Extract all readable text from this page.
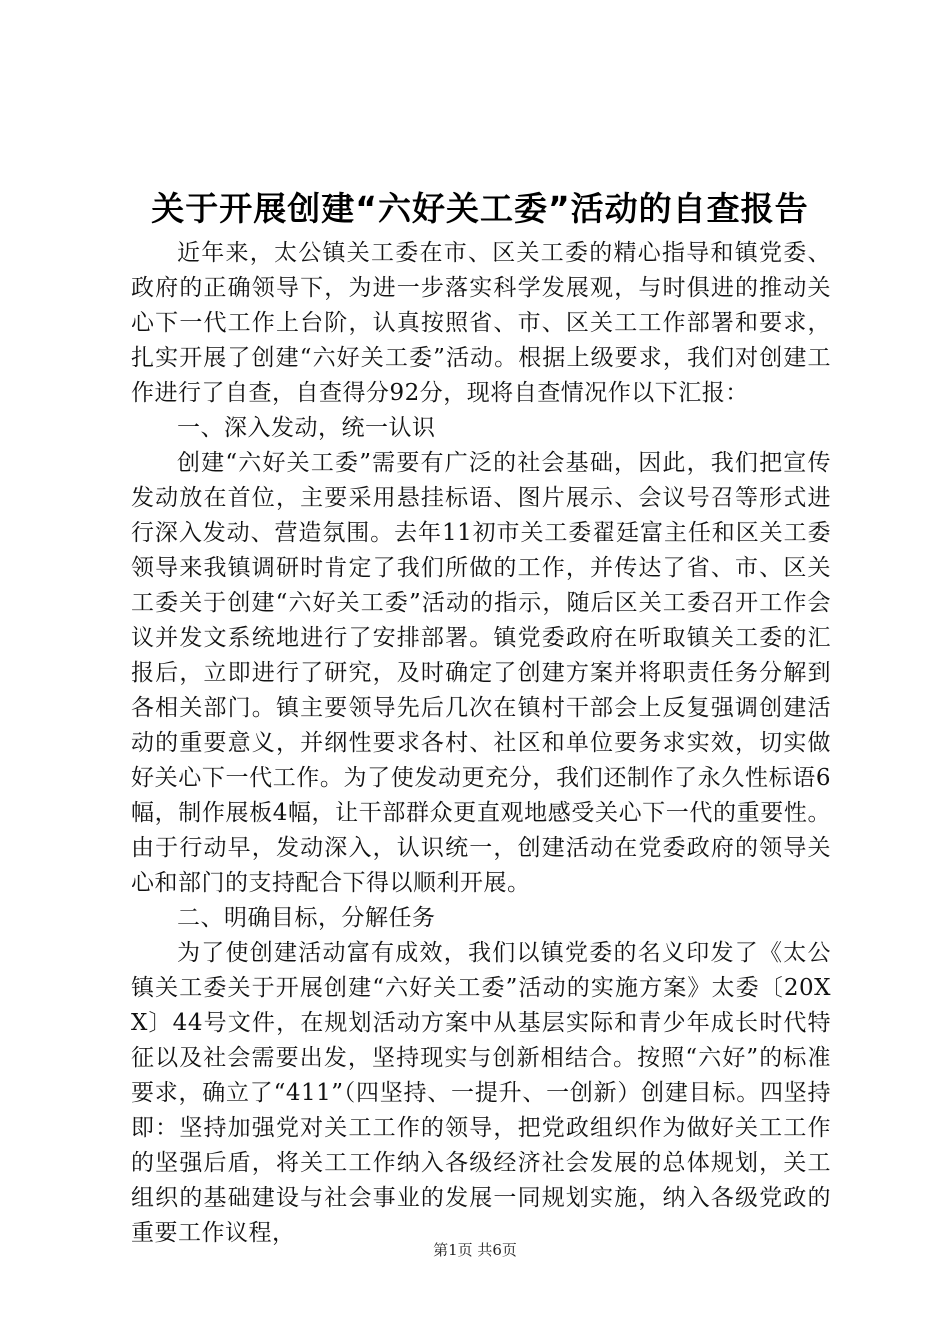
关于开展创建“六好关工委”活动的自查报告

近年来，太公镇关工委在市、区关工委的精心指导和镇党委、政府的正确领导下，为进一步落实科学发展观，与时俱进的推动关心下一代工作上台阶，认真按照省、市、区关工工作部署和要求，扎实开展了创建“六好关工委”活动。根据上级要求，我们对创建工作进行了自查，自查得分92分，现将自查情况作以下汇报：

一、深入发动，统一认识

创建“六好关工委”需要有广泛的社会基础，因此，我们把宣传发动放在首位，主要采用悬挂标语、图片展示、会议号召等形式进行深入发动、营造氛围。去年11初市关工委翟廷富主任和区关工委领导来我镇调研时肯定了我们所做的工作，并传达了省、市、区关工委关于创建“六好关工委”活动的指示，随后区关工委召开工作会议并发文系统地进行了安排部署。镇党委政府在听取镇关工委的汇报后，立即进行了研究，及时确定了创建方案并将职责任务分解到各相关部门。镇主要领导先后几次在镇村干部会上反复强调创建活动的重要意义，并纲性要求各村、社区和单位要务求实效，切实做好关心下一代工作。为了使发动更充分，我们还制作了永久性标语6幅，制作展板4幅，让干部群众更直观地感受关心下一代的重要性。由于行动早，发动深入，认识统一，创建活动在党委政府的领导关心和部门的支持配合下得以顺利开展。

二、明确目标，分解任务

为了使创建活动富有成效，我们以镇党委的名义印发了《太公镇关工委关于开展创建“六好关工委”活动的实施方案》太委〔20XX〕44号文件，在规划活动方案中从基层实际和青少年成长时代特征以及社会需要出发，坚持现实与创新相结合。按照“六好”的标准要求，确立了“411”（四坚持、一提升、一创新）创建目标。四坚持即：坚持加强党对关工工作的领导，把党政组织作为做好关工工作的坚强后盾，将关工工作纳入各级经济社会发展的总体规划，关工组织的基础建设与社会事业的发展一同规划实施，纳入各级党政的重要工作议程，

第1页 共6页
